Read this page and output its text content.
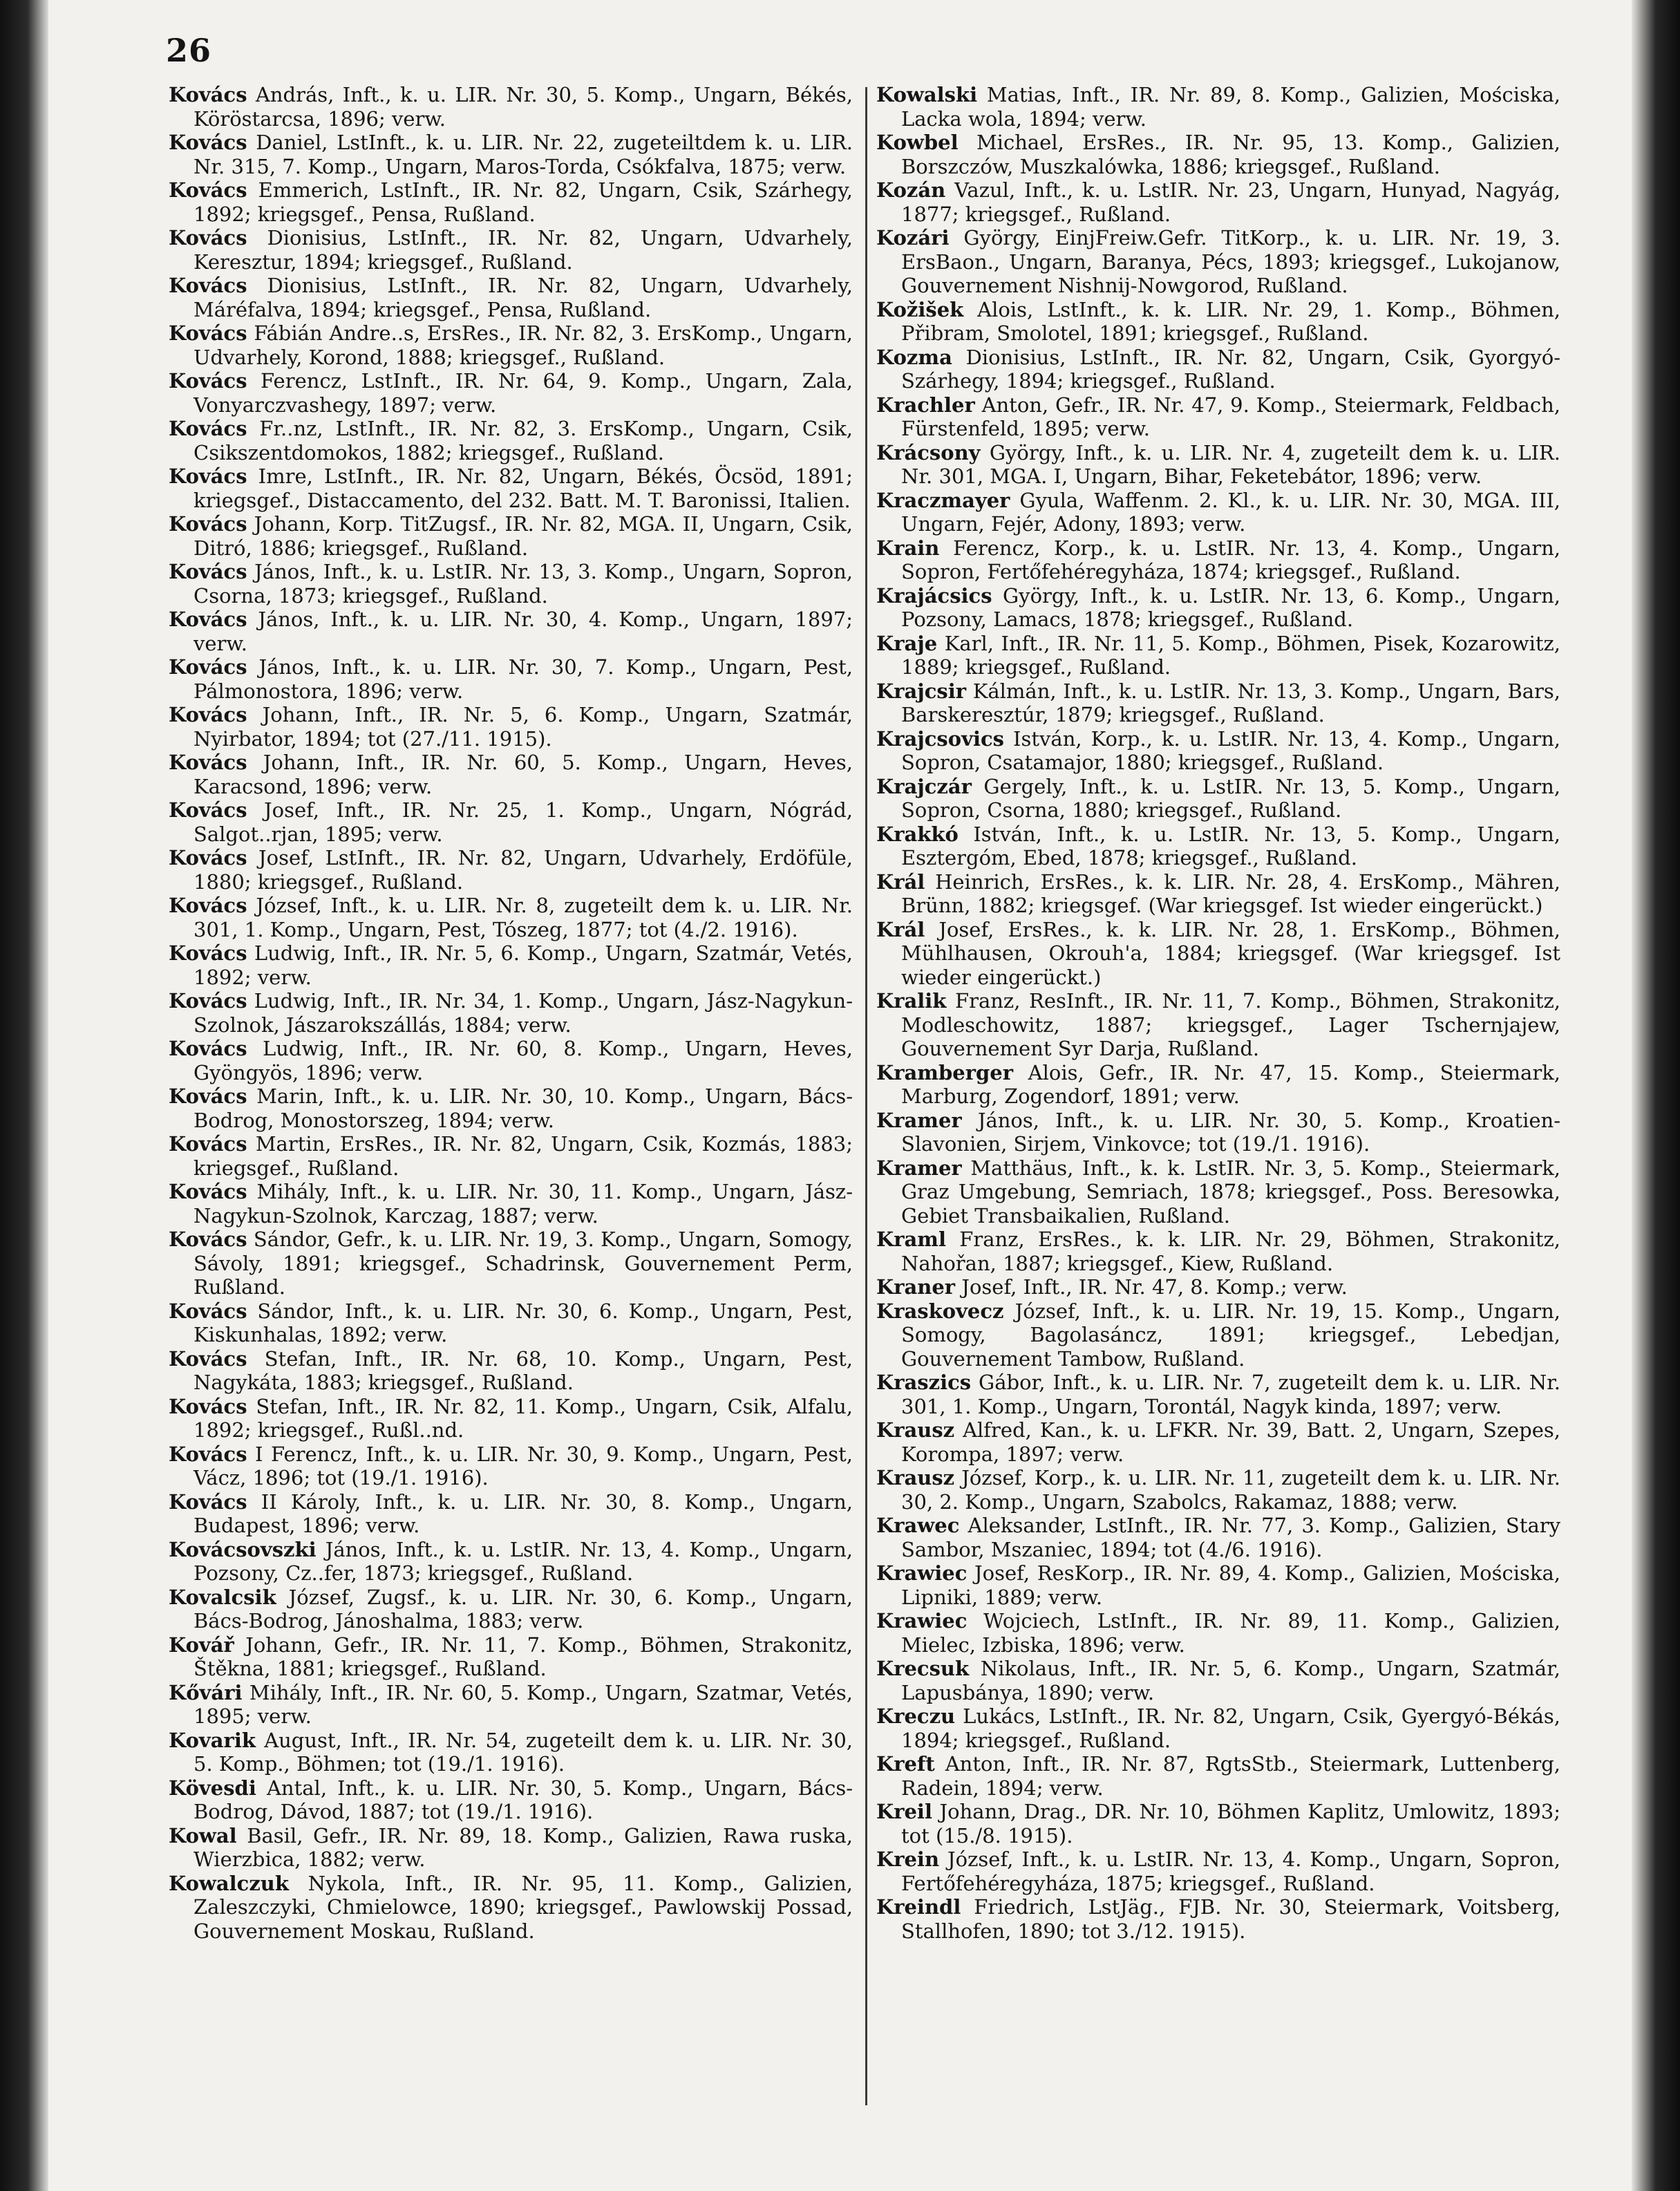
26

Kovács András, Inft., k. u. LIR. Nr. 30, 5. Komp., Ungarn, Békés, Köröstarcsa, 1896; verw.

Kovács Daniel, LstInft., k. u. LIR. Nr. 22, zugeteiltdem k. u. LIR. Nr. 315, 7. Komp., Ungarn, Maros-Torda, Csókfalva, 1875; verw.

Kovács Emmerich, LstInft., IR. Nr. 82, Ungarn, Csik, Szárhegy, 1892; kriegsgef., Pensa, Rußland.

Kovács Dionisius, LstInft., IR. Nr. 82, Ungarn, Udvarhely, Keresztur, 1894; kriegsgef., Rußland.

Kovács Dionisius, LstInft., IR. Nr. 82, Ungarn, Udvarhely, Máréfalva, 1894; kriegsgef., Pensa, Rußland.

Kovács Fábián Andre..s, ErsRes., IR. Nr. 82, 3. ErsKomp., Ungarn, Udvarhely, Korond, 1888; kriegsgef., Rußland.

Kovács Ferencz, LstInft., IR. Nr. 64, 9. Komp., Ungarn, Zala, Vonyarczvashegy, 1897; verw.

Kovács Fr..nz, LstInft., IR. Nr. 82, 3. ErsKomp., Ungarn, Csik, Csikszentdomokos, 1882; kriegsgef., Rußland.

Kovács Imre, LstInft., IR. Nr. 82, Ungarn, Békés, Öcsöd, 1891; kriegsgef., Distaccamento, del 232. Batt. M. T. Baronissi, Italien.

Kovács Johann, Korp. TitZugsf., IR. Nr. 82, MGA. II, Ungarn, Csik, Ditró, 1886; kriegsgef., Rußland.

Kovács János, Inft., k. u. LstIR. Nr. 13, 3. Komp., Ungarn, Sopron, Csorna, 1873; kriegsgef., Rußland.

Kovács János, Inft., k. u. LIR. Nr. 30, 4. Komp., Ungarn, 1897; verw.

Kovács János, Inft., k. u. LIR. Nr. 30, 7. Komp., Ungarn, Pest, Pálmonostora, 1896; verw.

Kovács Johann, Inft., IR. Nr. 5, 6. Komp., Ungarn, Szatmár, Nyirbator, 1894; tot (27./11. 1915).

Kovács Johann, Inft., IR. Nr. 60, 5. Komp., Ungarn, Heves, Karacsond, 1896; verw.

Kovács Josef, Inft., IR. Nr. 25, 1. Komp., Ungarn, Nógrád, Salgot..rjan, 1895; verw.

Kovács Josef, LstInft., IR. Nr. 82, Ungarn, Udvarhely, Erdöfüle, 1880; kriegsgef., Rußland.

Kovács József, Inft., k. u. LIR. Nr. 8, zugeteilt dem k. u. LIR. Nr. 301, 1. Komp., Ungarn, Pest, Tószeg, 1877; tot (4./2. 1916).

Kovács Ludwig, Inft., IR. Nr. 5, 6. Komp., Ungarn, Szatmár, Vetés, 1892; verw.

Kovács Ludwig, Inft., IR. Nr. 34, 1. Komp., Ungarn, Jász-Nagykun-Szolnok, Jászarokszállás, 1884; verw.

Kovács Ludwig, Inft., IR. Nr. 60, 8. Komp., Ungarn, Heves, Gyöngyös, 1896; verw.

Kovács Marin, Inft., k. u. LIR. Nr. 30, 10. Komp., Ungarn, Bács-Bodrog, Monostorszeg, 1894; verw.

Kovács Martin, ErsRes., IR. Nr. 82, Ungarn, Csik, Kozmás, 1883; kriegsgef., Rußland.

Kovács Mihály, Inft., k. u. LIR. Nr. 30, 11. Komp., Ungarn, Jász-Nagykun-Szolnok, Karczag, 1887; verw.

Kovács Sándor, Gefr., k. u. LIR. Nr. 19, 3. Komp., Ungarn, Somogy, Sávoly, 1891; kriegsgef., Schadrinsk, Gouvernement Perm, Rußland.

Kovács Sándor, Inft., k. u. LIR. Nr. 30, 6. Komp., Ungarn, Pest, Kiskunhalas, 1892; verw.

Kovács Stefan, Inft., IR. Nr. 68, 10. Komp., Ungarn, Pest, Nagykáta, 1883; kriegsgef., Rußland.

Kovács Stefan, Inft., IR. Nr. 82, 11. Komp., Ungarn, Csik, Alfalu, 1892; kriegsgef., Rußl..nd.

Kovács I Ferencz, Inft., k. u. LIR. Nr. 30, 9. Komp., Ungarn, Pest, Vácz, 1896; tot (19./1. 1916).

Kovács II Károly, Inft., k. u. LIR. Nr. 30, 8. Komp., Ungarn, Budapest, 1896; verw.

Kovácsovszki János, Inft., k. u. LstIR. Nr. 13, 4. Komp., Ungarn, Pozsony, Cz..fer, 1873; kriegsgef., Rußland.

Kovalcsik József, Zugsf., k. u. LIR. Nr. 30, 6. Komp., Ungarn, Bács-Bodrog, Jánoshalma, 1883; verw.

Kovář Johann, Gefr., IR. Nr. 11, 7. Komp., Böhmen, Strakonitz, Štěkna, 1881; kriegsgef., Rußland.

Kővári Mihály, Inft., IR. Nr. 60, 5. Komp., Ungarn, Szatmar, Vetés, 1895; verw.

Kovarik August, Inft., IR. Nr. 54, zugeteilt dem k. u. LIR. Nr. 30, 5. Komp., Böhmen; tot (19./1. 1916).

Kövesdi Antal, Inft., k. u. LIR. Nr. 30, 5. Komp., Ungarn, Bács-Bodrog, Dávod, 1887; tot (19./1. 1916).

Kowal Basil, Gefr., IR. Nr. 89, 18. Komp., Galizien, Rawa ruska, Wierzbica, 1882; verw.

Kowalczuk Nykola, Inft., IR. Nr. 95, 11. Komp., Galizien, Zaleszczyki, Chmielowce, 1890; kriegsgef., Pawlowskij Possad, Gouvernement Moskau, Rußland.

Kowalski Matias, Inft., IR. Nr. 89, 8. Komp., Galizien, Mościska, Lacka wola, 1894; verw.

Kowbel Michael, ErsRes., IR. Nr. 95, 13. Komp., Galizien, Borszczów, Muszkalówka, 1886; kriegsgef., Rußland.

Kozán Vazul, Inft., k. u. LstIR. Nr. 23, Ungarn, Hunyad, Nagyág, 1877; kriegsgef., Rußland.

Kozári György, EinjFreiw.Gefr. TitKorp., k. u. LIR. Nr. 19, 3. ErsBaon., Ungarn, Baranya, Pécs, 1893; kriegsgef., Lukojanow, Gouvernement Nishnij-Nowgorod, Rußland.

Kožišek Alois, LstInft., k. k. LIR. Nr. 29, 1. Komp., Böhmen, Přibram, Smolotel, 1891; kriegsgef., Rußland.

Kozma Dionisius, LstInft., IR. Nr. 82, Ungarn, Csik, Gyorgyó-Szárhegy, 1894; kriegsgef., Rußland.

Krachler Anton, Gefr., IR. Nr. 47, 9. Komp., Steiermark, Feldbach, Fürstenfeld, 1895; verw.

Krácsony György, Inft., k. u. LIR. Nr. 4, zugeteilt dem k. u. LIR. Nr. 301, MGA. I, Ungarn, Bihar, Feketebátor, 1896; verw.

Kraczmayer Gyula, Waffenm. 2. Kl., k. u. LIR. Nr. 30, MGA. III, Ungarn, Fejér, Adony, 1893; verw.

Krain Ferencz, Korp., k. u. LstIR. Nr. 13, 4. Komp., Ungarn, Sopron, Fertőfehéregyháza, 1874; kriegsgef., Rußland.

Krajácsics György, Inft., k. u. LstIR. Nr. 13, 6. Komp., Ungarn, Pozsony, Lamacs, 1878; kriegsgef., Rußland.

Kraje Karl, Inft., IR. Nr. 11, 5. Komp., Böhmen, Pisek, Kozarowitz, 1889; kriegsgef., Rußland.

Krajcsir Kálmán, Inft., k. u. LstIR. Nr. 13, 3. Komp., Ungarn, Bars, Barskeresztúr, 1879; kriegsgef., Rußland.

Krajcsovics István, Korp., k. u. LstIR. Nr. 13, 4. Komp., Ungarn, Sopron, Csatamajor, 1880; kriegsgef., Rußland.

Krajczár Gergely, Inft., k. u. LstIR. Nr. 13, 5. Komp., Ungarn, Sopron, Csorna, 1880; kriegsgef., Rußland.

Krakkó István, Inft., k. u. LstIR. Nr. 13, 5. Komp., Ungarn, Esztergóm, Ebed, 1878; kriegsgef., Rußland.

Král Heinrich, ErsRes., k. k. LIR. Nr. 28, 4. ErsKomp., Mähren, Brünn, 1882; kriegsgef. (War kriegsgef. Ist wieder eingerückt.)

Král Josef, ErsRes., k. k. LIR. Nr. 28, 1. ErsKomp., Böhmen, Mühlhausen, Okrouh'a, 1884; kriegsgef. (War kriegsgef. Ist wieder eingerückt.)

Kralik Franz, ResInft., IR. Nr. 11, 7. Komp., Böhmen, Strakonitz, Modleschowitz, 1887; kriegsgef., Lager Tschernjajew, Gouvernement Syr Darja, Rußland.

Kramberger Alois, Gefr., IR. Nr. 47, 15. Komp., Steiermark, Marburg, Zogendorf, 1891; verw.

Kramer János, Inft., k. u. LIR. Nr. 30, 5. Komp., Kroatien-Slavonien, Sirjem, Vinkovce; tot (19./1. 1916).

Kramer Matthäus, Inft., k. k. LstIR. Nr. 3, 5. Komp., Steiermark, Graz Umgebung, Semriach, 1878; kriegsgef., Poss. Beresowka, Gebiet Transbaikalien, Rußland.

Kraml Franz, ErsRes., k. k. LIR. Nr. 29, Böhmen, Strakonitz, Nahořan, 1887; kriegsgef., Kiew, Rußland.

Kraner Josef, Inft., IR. Nr. 47, 8. Komp.; verw.

Kraskovecz József, Inft., k. u. LIR. Nr. 19, 15. Komp., Ungarn, Somogy, Bagolasáncz, 1891; kriegsgef., Lebedjan, Gouvernement Tambow, Rußland.

Kraszics Gábor, Inft., k. u. LIR. Nr. 7, zugeteilt dem k. u. LIR. Nr. 301, 1. Komp., Ungarn, Torontál, Nagyk kinda, 1897; verw.

Krausz Alfred, Kan., k. u. LFKR. Nr. 39, Batt. 2, Ungarn, Szepes, Korompa, 1897; verw.

Krausz József, Korp., k. u. LIR. Nr. 11, zugeteilt dem k. u. LIR. Nr. 30, 2. Komp., Ungarn, Szabolcs, Rakamaz, 1888; verw.

Krawec Aleksander, LstInft., IR. Nr. 77, 3. Komp., Galizien, Stary Sambor, Mszaniec, 1894; tot (4./6. 1916).

Krawiec Josef, ResKorp., IR. Nr. 89, 4. Komp., Galizien, Mościska, Lipniki, 1889; verw.

Krawiec Wojciech, LstInft., IR. Nr. 89, 11. Komp., Galizien, Mielec, Izbiska, 1896; verw.

Krecsuk Nikolaus, Inft., IR. Nr. 5, 6. Komp., Ungarn, Szatmár, Lapusbánya, 1890; verw.

Kreczu Lukács, LstInft., IR. Nr. 82, Ungarn, Csik, Gyergyó-Békás, 1894; kriegsgef., Rußland.

Kreft Anton, Inft., IR. Nr. 87, RgtsStb., Steiermark, Luttenberg, Radein, 1894; verw.

Kreil Johann, Drag., DR. Nr. 10, Böhmen Kaplitz, Umlowitz, 1893; tot (15./8. 1915).

Krein József, Inft., k. u. LstIR. Nr. 13, 4. Komp., Ungarn, Sopron, Fertőfehéregyháza, 1875; kriegsgef., Rußland.

Kreindl Friedrich, LstJäg., FJB. Nr. 30, Steiermark, Voitsberg, Stallhofen, 1890; tot 3./12. 1915).
